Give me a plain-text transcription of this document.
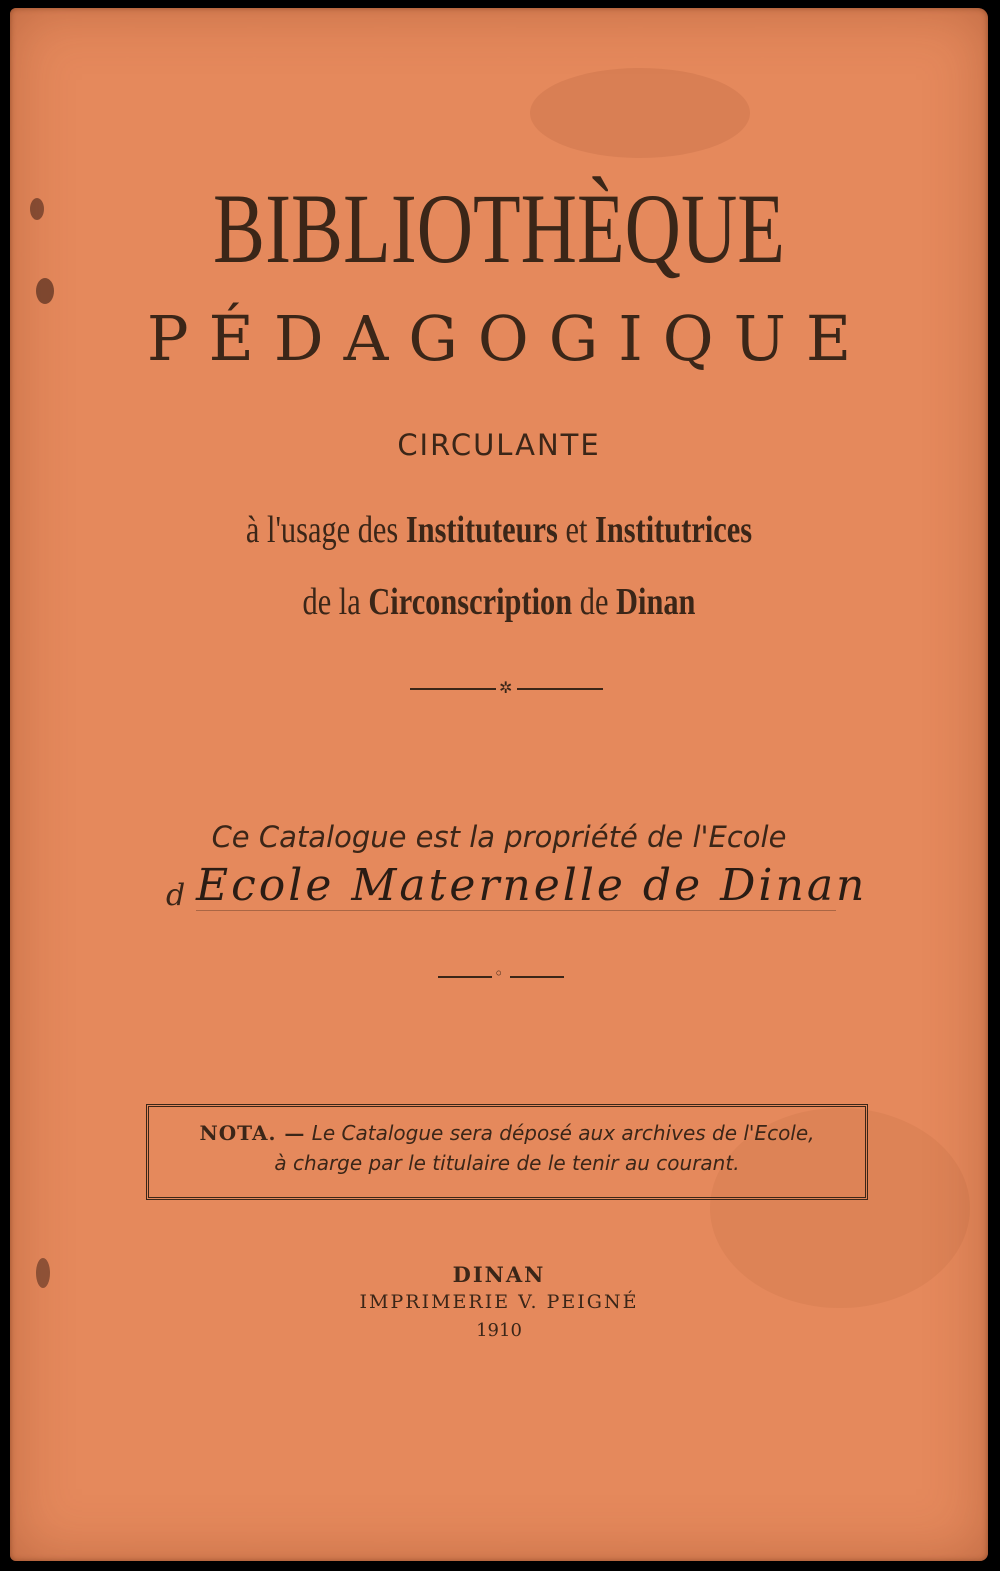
BIBLIOTHÈQUE
PÉDAGOGIQUE
CIRCULANTE
à l'usage des Instituteurs et Institutrices
de la Circonscription de Dinan
✲
Ce Catalogue est la propriété de l'Ecole
d Ecole Maternelle de Dinan
◦
NOTA. — Le Catalogue sera déposé aux archives de l'Ecole,
à charge par le titulaire de le tenir au courant.
DINAN
IMPRIMERIE V. PEIGNÉ
1910
